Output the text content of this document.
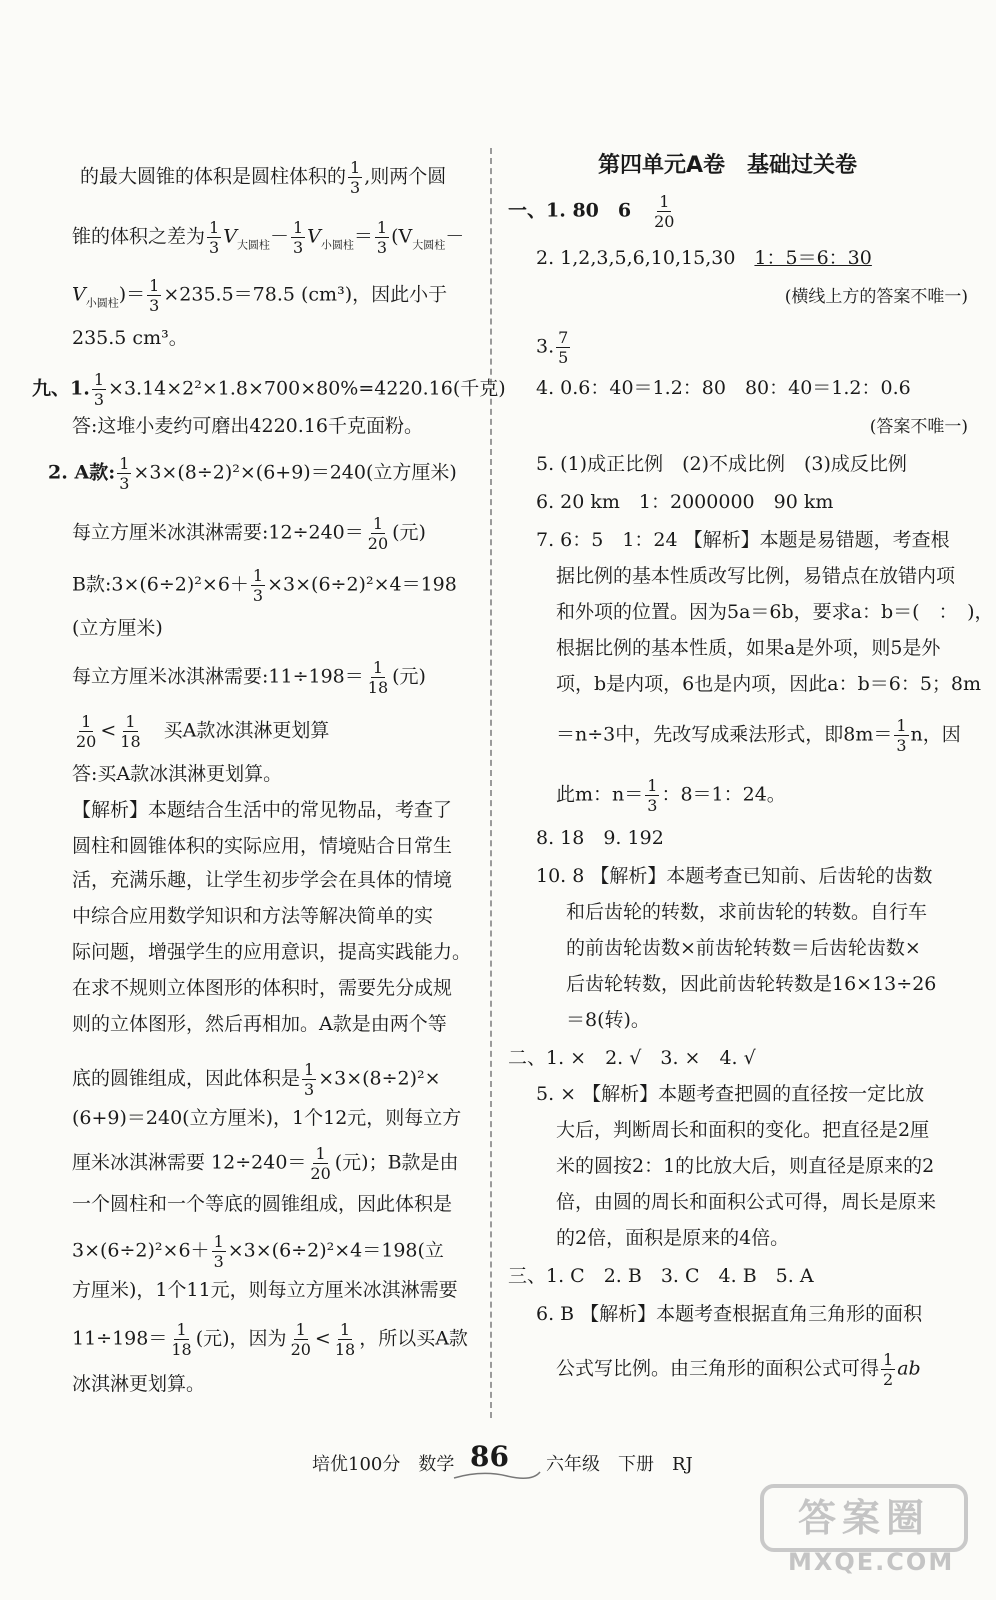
的最大圆锥的体积是圆柱体积的 $\frac{1}{3}$ ,则两个圆
锥的体积之差为 $\frac{1}{3} V_{大圆柱}- \frac{1}{3} V_{小圆柱}= \frac{1}{3} (V_{大圆柱}-$
$V_{小圆柱})= \frac{1}{3} \times 235.5=78.5$ (cm³)，因此小于
235.5 cm³。
九、1. $\frac{1}{3} \times 3.14\times 2^2\times 1.8\times 700\times 80\%=4220.16$(千克)
答:这堆小麦约可磨出4220.16千克面粉。
2. A款: $\frac{1}{3} \times 3\times(8\div 2)^2\times(6+9)=240$(立方厘米)
每立方厘米冰淇淋需要:12÷240＝ $\frac{1}{20}$ (元)
B款:3×(6÷2)²×6＋ $\frac{1}{3} \times 3\times(6\div 2)^2\times 4=198$
(立方厘米)
每立方厘米冰淇淋需要:11÷198＝ $\frac{1}{18}$ (元)
$\frac{1}{20} < \frac{1}{18}$ 　买A款冰淇淋更划算
答:买A款冰淇淋更划算。
【解析】本题结合生活中的常见物品，考查了
圆柱和圆锥体积的实际应用，情境贴合日常生
活，充满乐趣，让学生初步学会在具体的情境
中综合应用数学知识和方法等解决简单的实
际问题，增强学生的应用意识，提高实践能力。
在求不规则立体图形的体积时，需要先分成规
则的立体图形，然后再相加。A款是由两个等
底的圆锥组成，因此体积是 $\frac{1}{3} \times 3\times(8\div 2)^2\times$
(6+9)＝240(立方厘米)，1个12元，则每立方
厘米冰淇淋需要 $12\div 240= \frac{1}{20}$ (元)；B款是由
一个圆柱和一个等底的圆锥组成，因此体积是
$3\times(6\div 2)^2\times 6+ \frac{1}{3} \times 3\times(6\div 2)^2\times 4=198$(立
方厘米)，1个11元，则每立方厘米冰淇淋需要
$11\div 198= \frac{1}{18}$ (元)，因为 $\frac{1}{20} < \frac{1}{18}$ ，所以买A款
冰淇淋更划算。
第四单元A卷　基础过关卷
一、1. 80　6　 $\frac{1}{20}$
2. 1,2,3,5,6,10,15,30　1：5＝6：30
(横线上方的答案不唯一)
3. $\frac{7}{5}$
4. 0.6：40＝1.2：80　80：40＝1.2：0.6
(答案不唯一)
5. (1)成正比例　(2)不成比例　(3)成反比例
6. 20 km　1：2000000　90 km
7. 6：5　1：24 【解析】本题是易错题，考查根
据比例的基本性质改写比例，易错点在放错内项
和外项的位置。因为5a＝6b，要求a：b＝(　：　)，
根据比例的基本性质，如果a是外项，则5是外
项，b是内项，6也是内项，因此a：b＝6：5；8m
＝n÷3中，先改写成乘法形式，即$8m= \frac{1}{3}$ n，因
此m：$n= \frac{1}{3}$ ：8＝1：24。
8. 18　9. 192
10. 8 【解析】本题考查已知前、后齿轮的齿数
和后齿轮的转数，求前齿轮的转数。自行车
的前齿轮齿数×前齿轮转数＝后齿轮齿数×
后齿轮转数，因此前齿轮转数是16×13÷26
＝8(转)。
二、1. ×　2. √　3. ×　4. √
5. × 【解析】本题考查把圆的直径按一定比放
大后，判断周长和面积的变化。把直径是2厘
米的圆按2：1的比放大后，则直径是原来的2
倍，由圆的周长和面积公式可得，周长是原来
的2倍，面积是原来的4倍。
三、1. C　2. B　3. C　4. B　5. A
6. B 【解析】本题考查根据直角三角形的面积
公式写比例。由三角形的面积公式可得 $\frac{1}{2}$ ab
培优100分　数学 86 六年级　下册　RJ
答案圈
MXQE.COM
